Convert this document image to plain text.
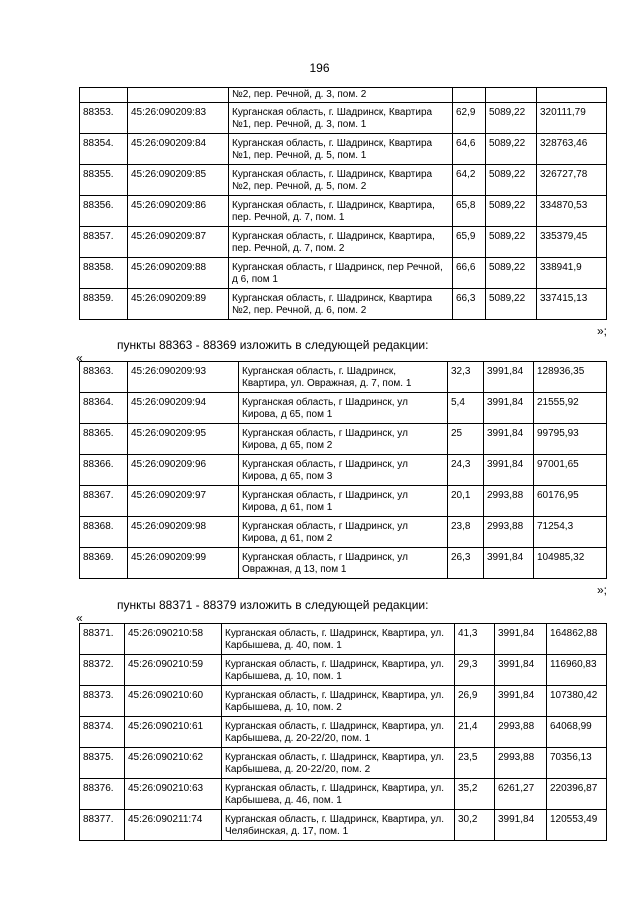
196
		№2, пер. Речной, д. 3, пом. 2			
88353.	45:26:090209:83	Курганская область, г. Шадринск, Квартира №1, пер. Речной, д. 3, пом. 1	62,9	5089,22	320111,79
88354.	45:26:090209:84	Курганская область, г. Шадринск, Квартира №1, пер. Речной, д. 5, пом. 1	64,6	5089,22	328763,46
88355.	45:26:090209:85	Курганская область, г. Шадринск, Квартира №2, пер. Речной, д. 5, пом. 2	64,2	5089,22	326727,78
88356.	45:26:090209:86	Курганская область, г. Шадринск, Квартира, пер. Речной, д. 7, пом. 1	65,8	5089,22	334870,53
88357.	45:26:090209:87	Курганская область, г. Шадринск, Квартира, пер. Речной, д. 7, пом. 2	65,9	5089,22	335379,45
88358.	45:26:090209:88	Курганская область, г Шадринск, пер Речной, д 6, пом 1	66,6	5089,22	338941,9
88359.	45:26:090209:89	Курганская область, г. Шадринск, Квартира №2, пер. Речной, д. 6, пом. 2	66,3	5089,22	337415,13
»;
пункты 88363 - 88369 изложить в следующей редакции:
«
88363.	45:26:090209:93	Курганская область, г. Шадринск, Квартира, ул. Овражная, д. 7, пом. 1	32,3	3991,84	128936,35
88364.	45:26:090209:94	Курганская область, г Шадринск, ул Кирова, д 65, пом 1	5,4	3991,84	21555,92
88365.	45:26:090209:95	Курганская область, г Шадринск, ул Кирова, д 65, пом 2	25	3991,84	99795,93
88366.	45:26:090209:96	Курганская область, г Шадринск, ул Кирова, д 65, пом 3	24,3	3991,84	97001,65
88367.	45:26:090209:97	Курганская область, г Шадринск, ул Кирова, д 61, пом 1	20,1	2993,88	60176,95
88368.	45:26:090209:98	Курганская область, г Шадринск, ул Кирова, д 61, пом 2	23,8	2993,88	71254,3
88369.	45:26:090209:99	Курганская область, г Шадринск, ул Овражная, д 13, пом 1	26,3	3991,84	104985,32
»;
пункты 88371 - 88379 изложить в следующей редакции:
«
88371.	45:26:090210:58	Курганская область, г. Шадринск, Квартира, ул. Карбышева, д. 40, пом. 1	41,3	3991,84	164862,88
88372.	45:26:090210:59	Курганская область, г. Шадринск, Квартира, ул. Карбышева, д. 10, пом. 1	29,3	3991,84	116960,83
88373.	45:26:090210:60	Курганская область, г. Шадринск, Квартира, ул. Карбышева, д. 10, пом. 2	26,9	3991,84	107380,42
88374.	45:26:090210:61	Курганская область, г. Шадринск, Квартира, ул. Карбышева, д. 20-22/20, пом. 1	21,4	2993,88	64068,99
88375.	45:26:090210:62	Курганская область, г. Шадринск, Квартира, ул. Карбышева, д. 20-22/20, пом. 2	23,5	2993,88	70356,13
88376.	45:26:090210:63	Курганская область, г. Шадринск, Квартира, ул. Карбышева, д. 46, пом. 1	35,2	6261,27	220396,87
88377.	45:26:090211:74	Курганская область, г. Шадринск, Квартира, ул. Челябинская, д. 17, пом. 1	30,2	3991,84	120553,49
